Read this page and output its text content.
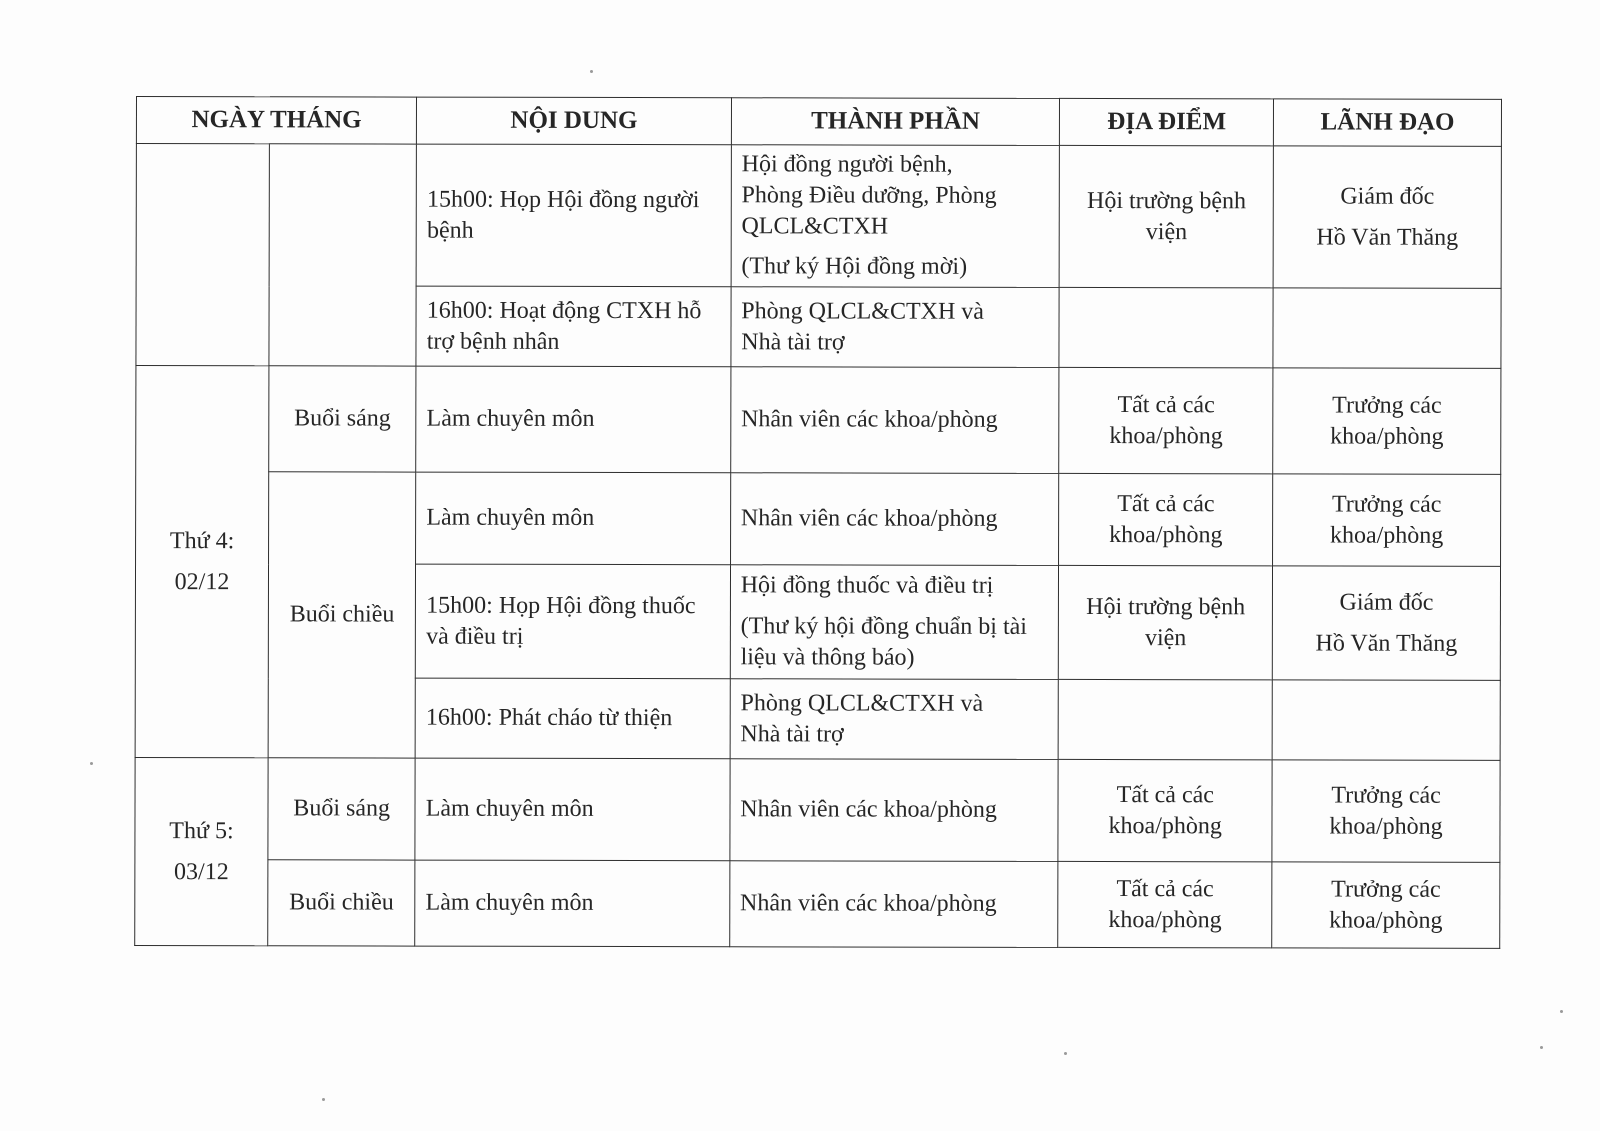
NGÀY THÁNG		NỘI DUNG	THÀNH PHẦN	ĐỊA ĐIỂM	LÃNH ĐẠO
		15h00: Họp Hội đồng người bệnh	Hội đồng người bệnh,
Phòng Điều dưỡng, Phòng
QLCL&CTXH
(Thư ký Hội đồng mời)	Hội trường bệnh viện	Giám đốc
Hồ Văn Thăng

		16h00: Hoạt động CTXH hỗ trợ bệnh nhân	Phòng QLCL&CTXH và
Nhà tài trợ		

Thứ 4:
02/12	Buổi sáng	Làm chuyên môn	Nhân viên các khoa/phòng	Tất cả các
khoa/phòng	Trưởng các
khoa/phòng

	Buổi chiều	Làm chuyên môn	Nhân viên các khoa/phòng	Tất cả các
khoa/phòng	Trưởng các
khoa/phòng

		15h00: Họp Hội đồng thuốc và điều trị	Hội đồng thuốc và điều trị
(Thư ký hội đồng chuẩn bị tài liệu và thông báo)	Hội trường bệnh viện	Giám đốc
Hồ Văn Thăng

		16h00: Phát cháo từ thiện	Phòng QLCL&CTXH và
Nhà tài trợ		

Thứ 5:
03/12	Buổi sáng	Làm chuyên môn	Nhân viên các khoa/phòng	Tất cả các
khoa/phòng	Trưởng các
khoa/phòng

	Buổi chiều	Làm chuyên môn	Nhân viên các khoa/phòng	Tất cả các
khoa/phòng	Trưởng các
khoa/phòng
